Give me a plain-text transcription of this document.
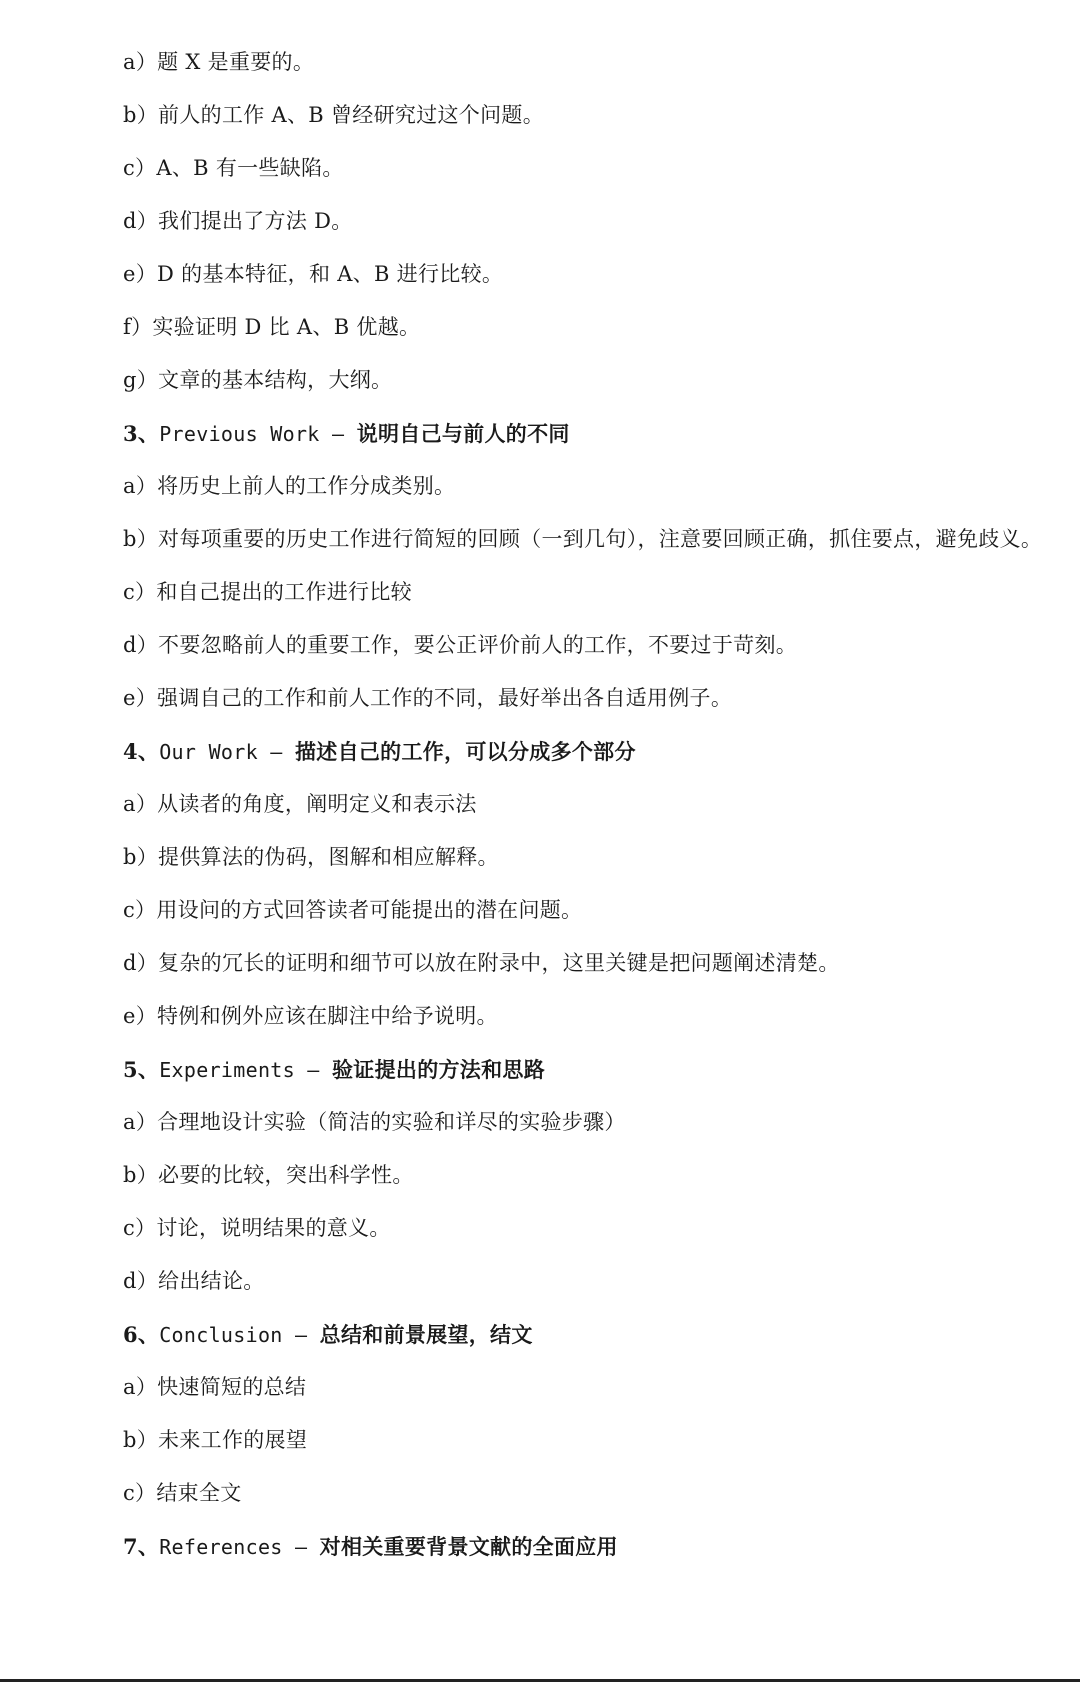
a）题 X 是重要的。
b）前人的工作 A、B 曾经研究过这个问题。
c）A、B 有一些缺陷。
d）我们提出了方法 D。
e）D 的基本特征，和 A、B 进行比较。
f）实验证明 D 比 A、B 优越。
g）文章的基本结构，大纲。
3、Previous Work – 说明自己与前人的不同
a）将历史上前人的工作分成类别。
b）对每项重要的历史工作进行简短的回顾（一到几句），注意要回顾正确，抓住要点，避免歧义。
c）和自己提出的工作进行比较
d）不要忽略前人的重要工作，要公正评价前人的工作，不要过于苛刻。
e）强调自己的工作和前人工作的不同，最好举出各自适用例子。
4、Our Work – 描述自己的工作，可以分成多个部分
a）从读者的角度，阐明定义和表示法
b）提供算法的伪码，图解和相应解释。
c）用设问的方式回答读者可能提出的潜在问题。
d）复杂的冗长的证明和细节可以放在附录中，这里关键是把问题阐述清楚。
e）特例和例外应该在脚注中给予说明。
5、Experiments – 验证提出的方法和思路
a）合理地设计实验（简洁的实验和详尽的实验步骤）
b）必要的比较，突出科学性。
c）讨论，说明结果的意义。
d）给出结论。
6、Conclusion – 总结和前景展望，结文
a）快速简短的总结
b）未来工作的展望
c）结束全文
7、References – 对相关重要背景文献的全面应用
